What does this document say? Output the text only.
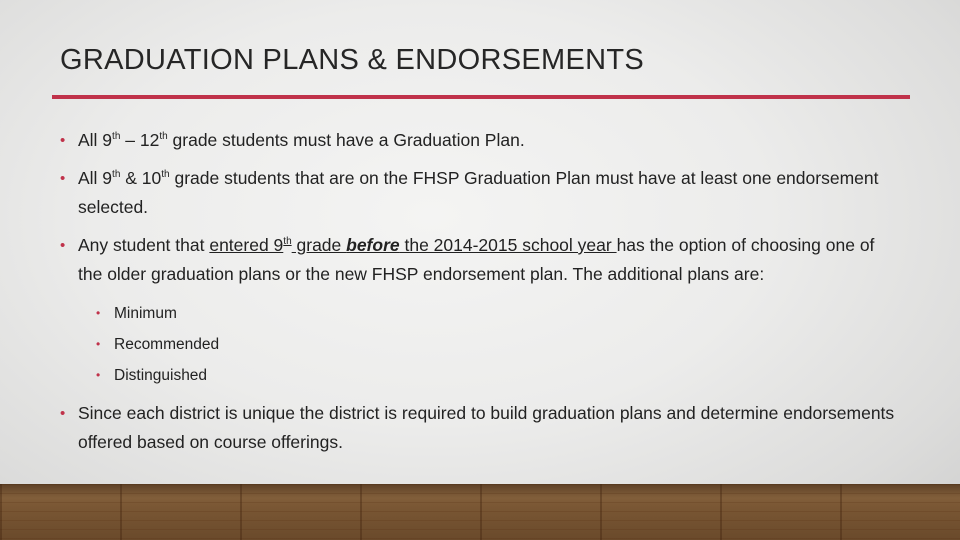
GRADUATION PLANS & ENDORSEMENTS
• All 9th – 12th grade students must have a Graduation Plan.
• All 9th & 10th grade students that are on the FHSP Graduation Plan must have at least one endorsement selected.
• Any student that entered 9th grade before the 2014-2015 school year has the option of choosing one of the older graduation plans or the new FHSP endorsement plan. The additional plans are:
• Minimum
• Recommended
• Distinguished
• Since each district is unique the district is required to build graduation plans and determine endorsements offered based on course offerings.
